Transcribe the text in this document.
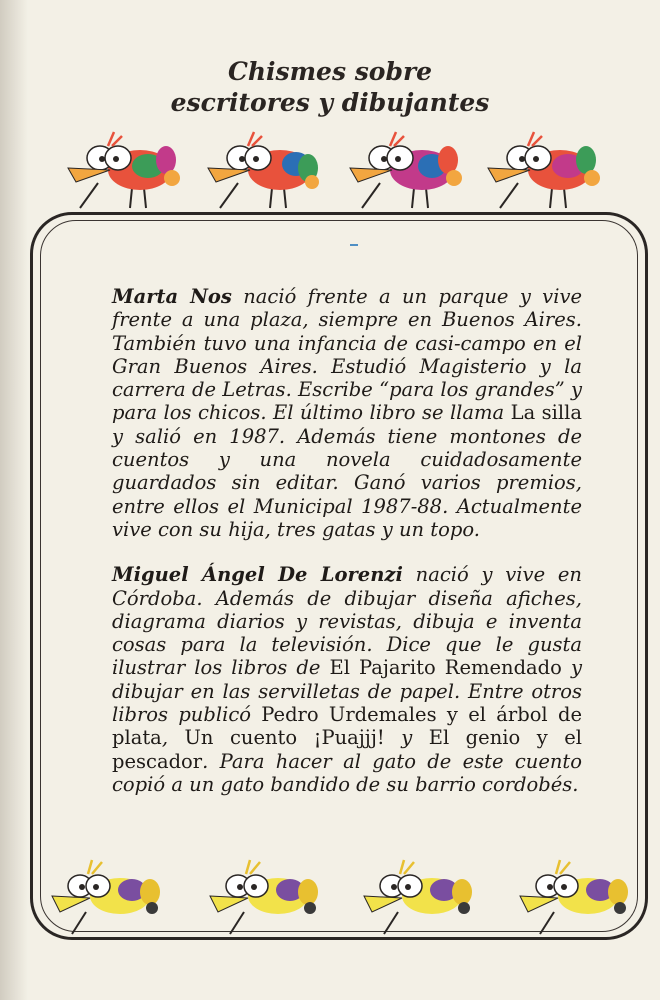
Chismes sobre
escritores y dibujantes

Marta Nos nació frente a un parque y vive frente a una plaza, siempre en Buenos Aires. También tuvo una infancia de casi-campo en el Gran Buenos Aires. Estudió Magisterio y la carrera de Letras. Escribe “para los grandes” y para los chicos. El último libro se llama La silla y salió en 1987. Además tiene montones de cuentos y una novela cuidadosamente guardados sin editar. Ganó varios premios, entre ellos el Municipal 1987-88. Actualmente vive con su hija, tres gatas y un topo.

Miguel Ángel De Lorenzi nació y vive en Córdoba. Además de dibujar diseña afiches, diagrama diarios y revistas, dibuja e inventa cosas para la televisión. Dice que le gusta ilustrar los libros de El Pajarito Remendado y dibujar en las servilletas de papel. Entre otros libros publicó Pedro Urdemales y el árbol de plata, Un cuento ¡Puajjj! y El genio y el pescador. Para hacer al gato de este cuento copió a un gato bandido de su barrio cordobés.
